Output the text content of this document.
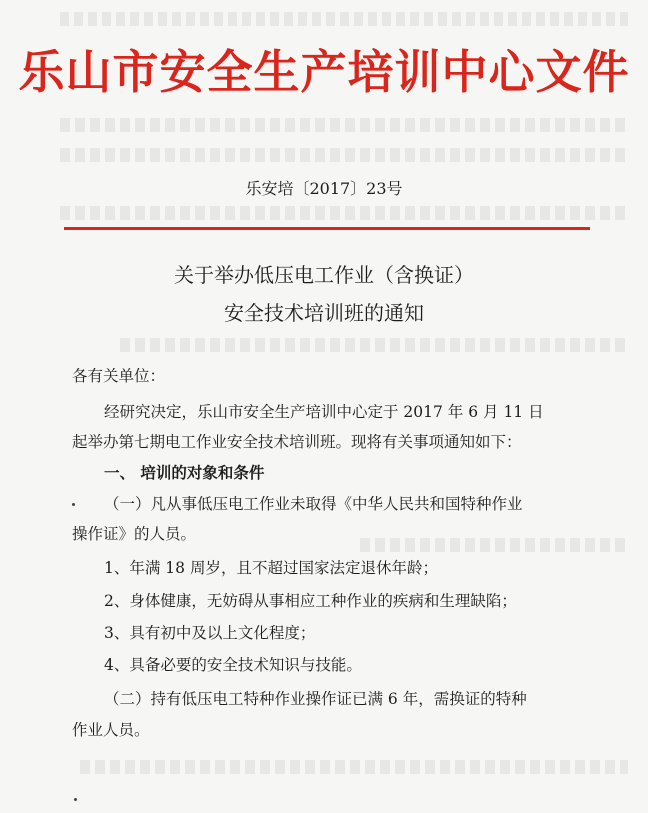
乐山市安全生产培训中心文件
乐安培〔2017〕23号
关于举办低压电工作业（含换证）
安全技术培训班的通知
各有关单位：
经研究决定，乐山市安全生产培训中心定于 2017 年 6 月 11 日
起举办第七期电工作业安全技术培训班。现将有关事项通知如下：
一、 培训的对象和条件
（一）凡从事低压电工作业未取得《中华人民共和国特种作业
操作证》的人员。
1、年满 18 周岁，且不超过国家法定退休年龄；
2、身体健康，无妨碍从事相应工种作业的疾病和生理缺陷；
3、具有初中及以上文化程度；
4、具备必要的安全技术知识与技能。
（二）持有低压电工特种作业操作证已满 6 年，需换证的特种
作业人员。
